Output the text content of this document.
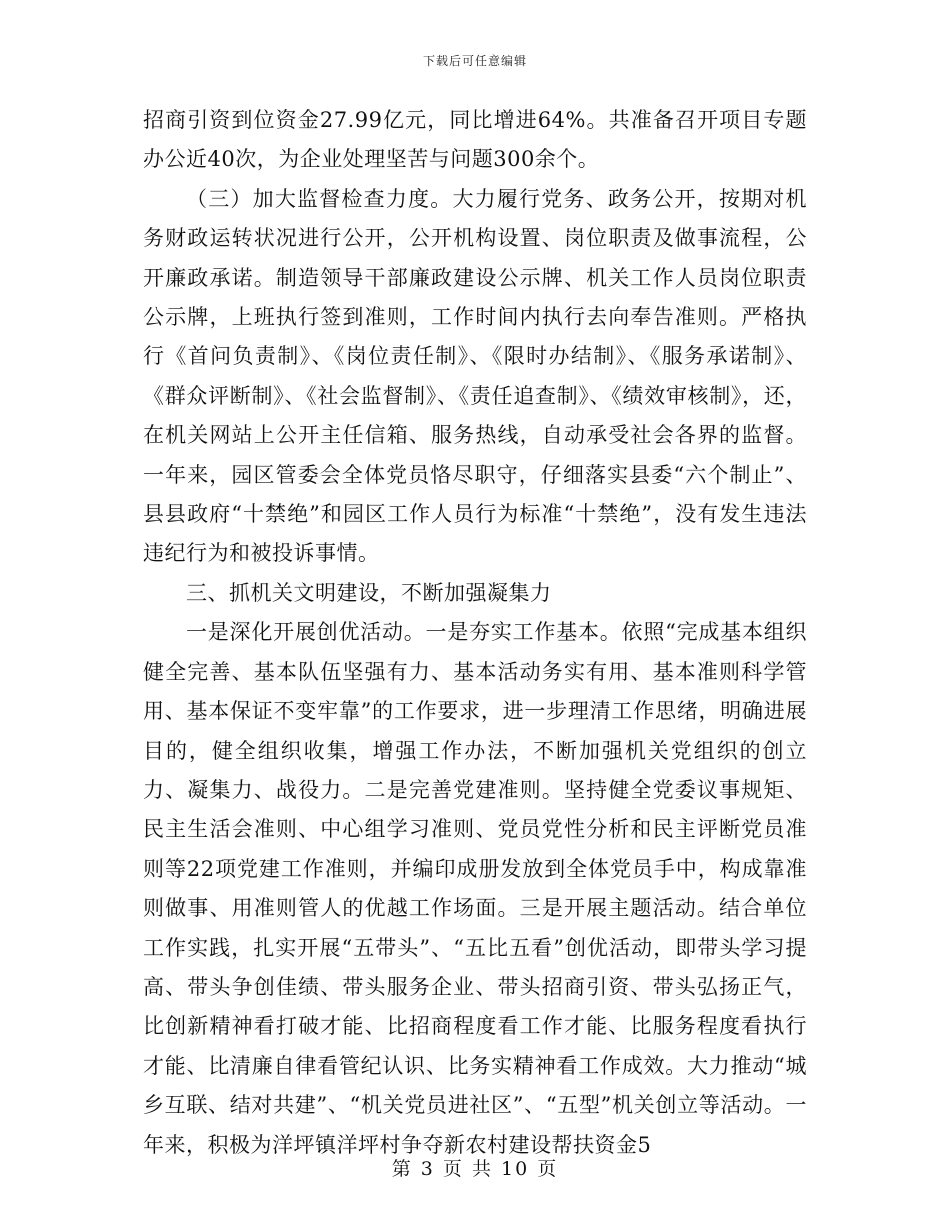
下载后可任意编辑

招商引资到位资金27.99亿元，同比增进64%。共准备召开项目专题办公近40次，为企业处理坚苦与问题300余个。

（三）加大监督检查力度。大力履行党务、政务公开，按期对机务财政运转状况进行公开，公开机构设置、岗位职责及做事流程，公开廉政承诺。制造领导干部廉政建设公示牌、机关工作人员岗位职责公示牌，上班执行签到准则，工作时间内执行去向奉告准则。严格执行《首问负责制》、《岗位责任制》、《限时办结制》、《服务承诺制》、《群众评断制》、《社会监督制》、《责任追查制》、《绩效审核制》，还，在机关网站上公开主任信箱、服务热线，自动承受社会各界的监督。一年来，园区管委会全体党员恪尽职守，仔细落实县委“六个制止”、县县政府“十禁绝”和园区工作人员行为标准“十禁绝”，没有发生违法违纪行为和被投诉事情。

三、抓机关文明建设，不断加强凝集力

一是深化开展创优活动。一是夯实工作基本。依照“完成基本组织健全完善、基本队伍坚强有力、基本活动务实有用、基本准则科学管用、基本保证不变牢靠”的工作要求，进一步理清工作思绪，明确进展目的，健全组织收集，增强工作办法，不断加强机关党组织的创立力、凝集力、战役力。二是完善党建准则。坚持健全党委议事规矩、民主生活会准则、中心组学习准则、党员党性分析和民主评断党员准则等22项党建工作准则，并编印成册发放到全体党员手中，构成靠准则做事、用准则管人的优越工作场面。三是开展主题活动。结合单位工作实践，扎实开展“五带头”、“五比五看”创优活动，即带头学习提高、带头争创佳绩、带头服务企业、带头招商引资、带头弘扬正气，比创新精神看打破才能、比招商程度看工作才能、比服务程度看执行才能、比清廉自律看管纪认识、比务实精神看工作成效。大力推动“城乡互联、结对共建”、“机关党员进社区”、“五型”机关创立等活动。一年来，积极为洋坪镇洋坪村争夺新农村建设帮扶资金5

第 3 页 共 10 页
